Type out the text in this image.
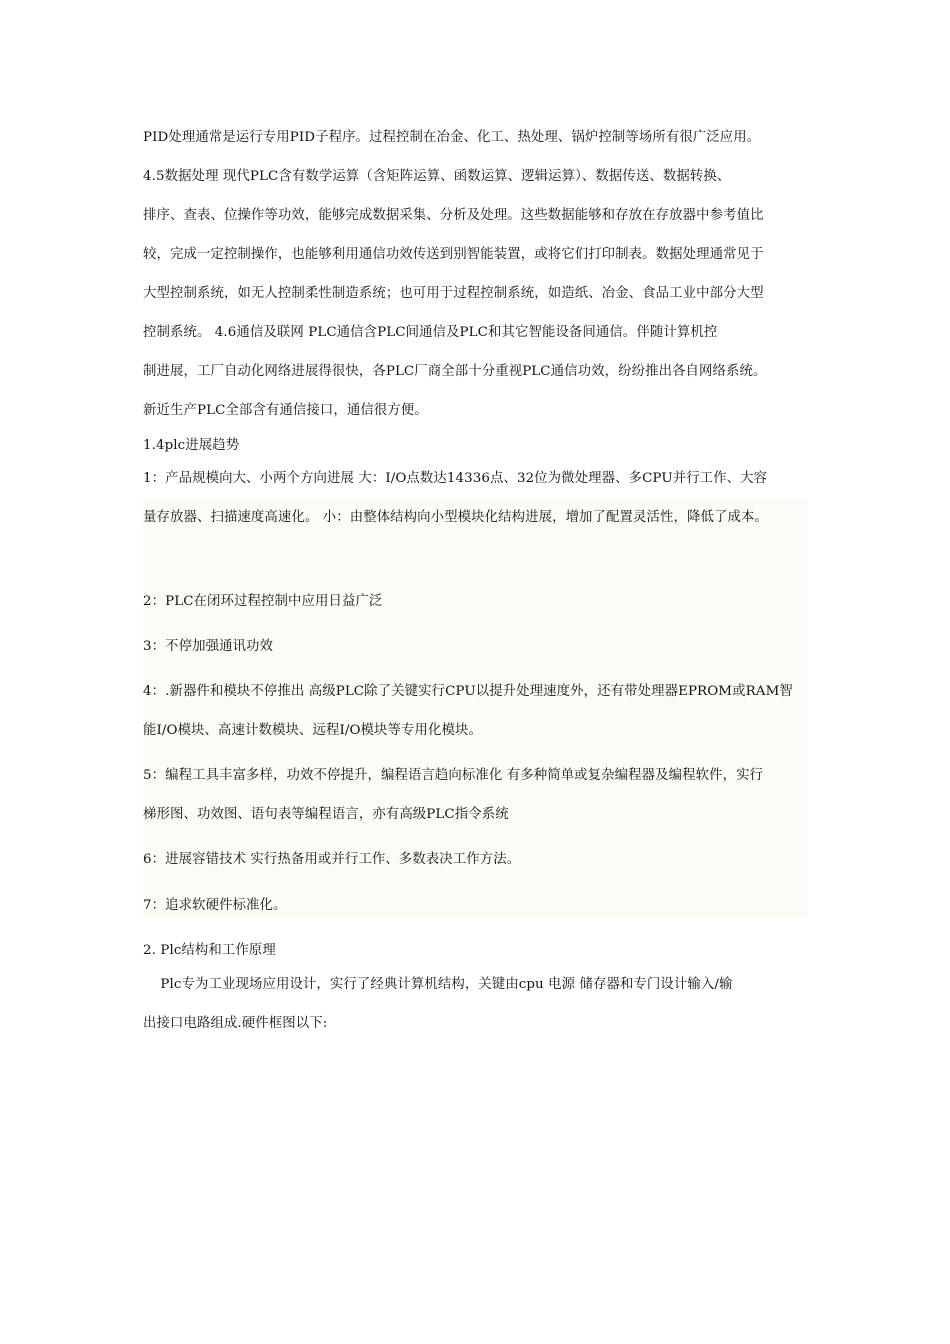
PID处理通常是运行专用PID子程序。过程控制在冶金、化工、热处理、锅炉控制等场所有很广泛应用。
4.5数据处理 现代PLC含有数学运算（含矩阵运算、函数运算、逻辑运算）、数据传送、数据转换、
排序、查表、位操作等功效，能够完成数据采集、分析及处理。这些数据能够和存放在存放器中参考值比
较，完成一定控制操作，也能够利用通信功效传送到别智能装置，或将它们打印制表。数据处理通常见于
大型控制系统，如无人控制柔性制造系统；也可用于过程控制系统，如造纸、冶金、食品工业中部分大型
控制系统。 4.6通信及联网 PLC通信含PLC间通信及PLC和其它智能设备间通信。伴随计算机控
制进展，工厂自动化网络进展得很快，各PLC厂商全部十分重视PLC通信功效，纷纷推出各自网络系统。
新近生产PLC全部含有通信接口，通信很方便。
1.4plc进展趋势
1：产品规模向大、小两个方向进展 大：I/O点数达14336点、32位为微处理器、多CPU并行工作、大容
量存放器、扫描速度高速化。 小：由整体结构向小型模块化结构进展，增加了配置灵活性，降低了成本。
2：PLC在闭环过程控制中应用日益广泛
3：不停加强通讯功效
4：.新器件和模块不停推出 高级PLC除了关键实行CPU以提升处理速度外，还有带处理器EPROM或RAM智
能I/O模块、高速计数模块、远程I/O模块等专用化模块。
5：编程工具丰富多样，功效不停提升，编程语言趋向标准化 有多种简单或复杂编程器及编程软件，实行
梯形图、功效图、语句表等编程语言，亦有高级PLC指令系统
6：进展容错技术 实行热备用或并行工作、多数表决工作方法。
7：追求软硬件标准化。
2. Plc结构和工作原理
Plc专为工业现场应用设计，实行了经典计算机结构，关键由cpu 电源 储存器和专门设计输入/输
出接口电路组成.硬件框图以下:
